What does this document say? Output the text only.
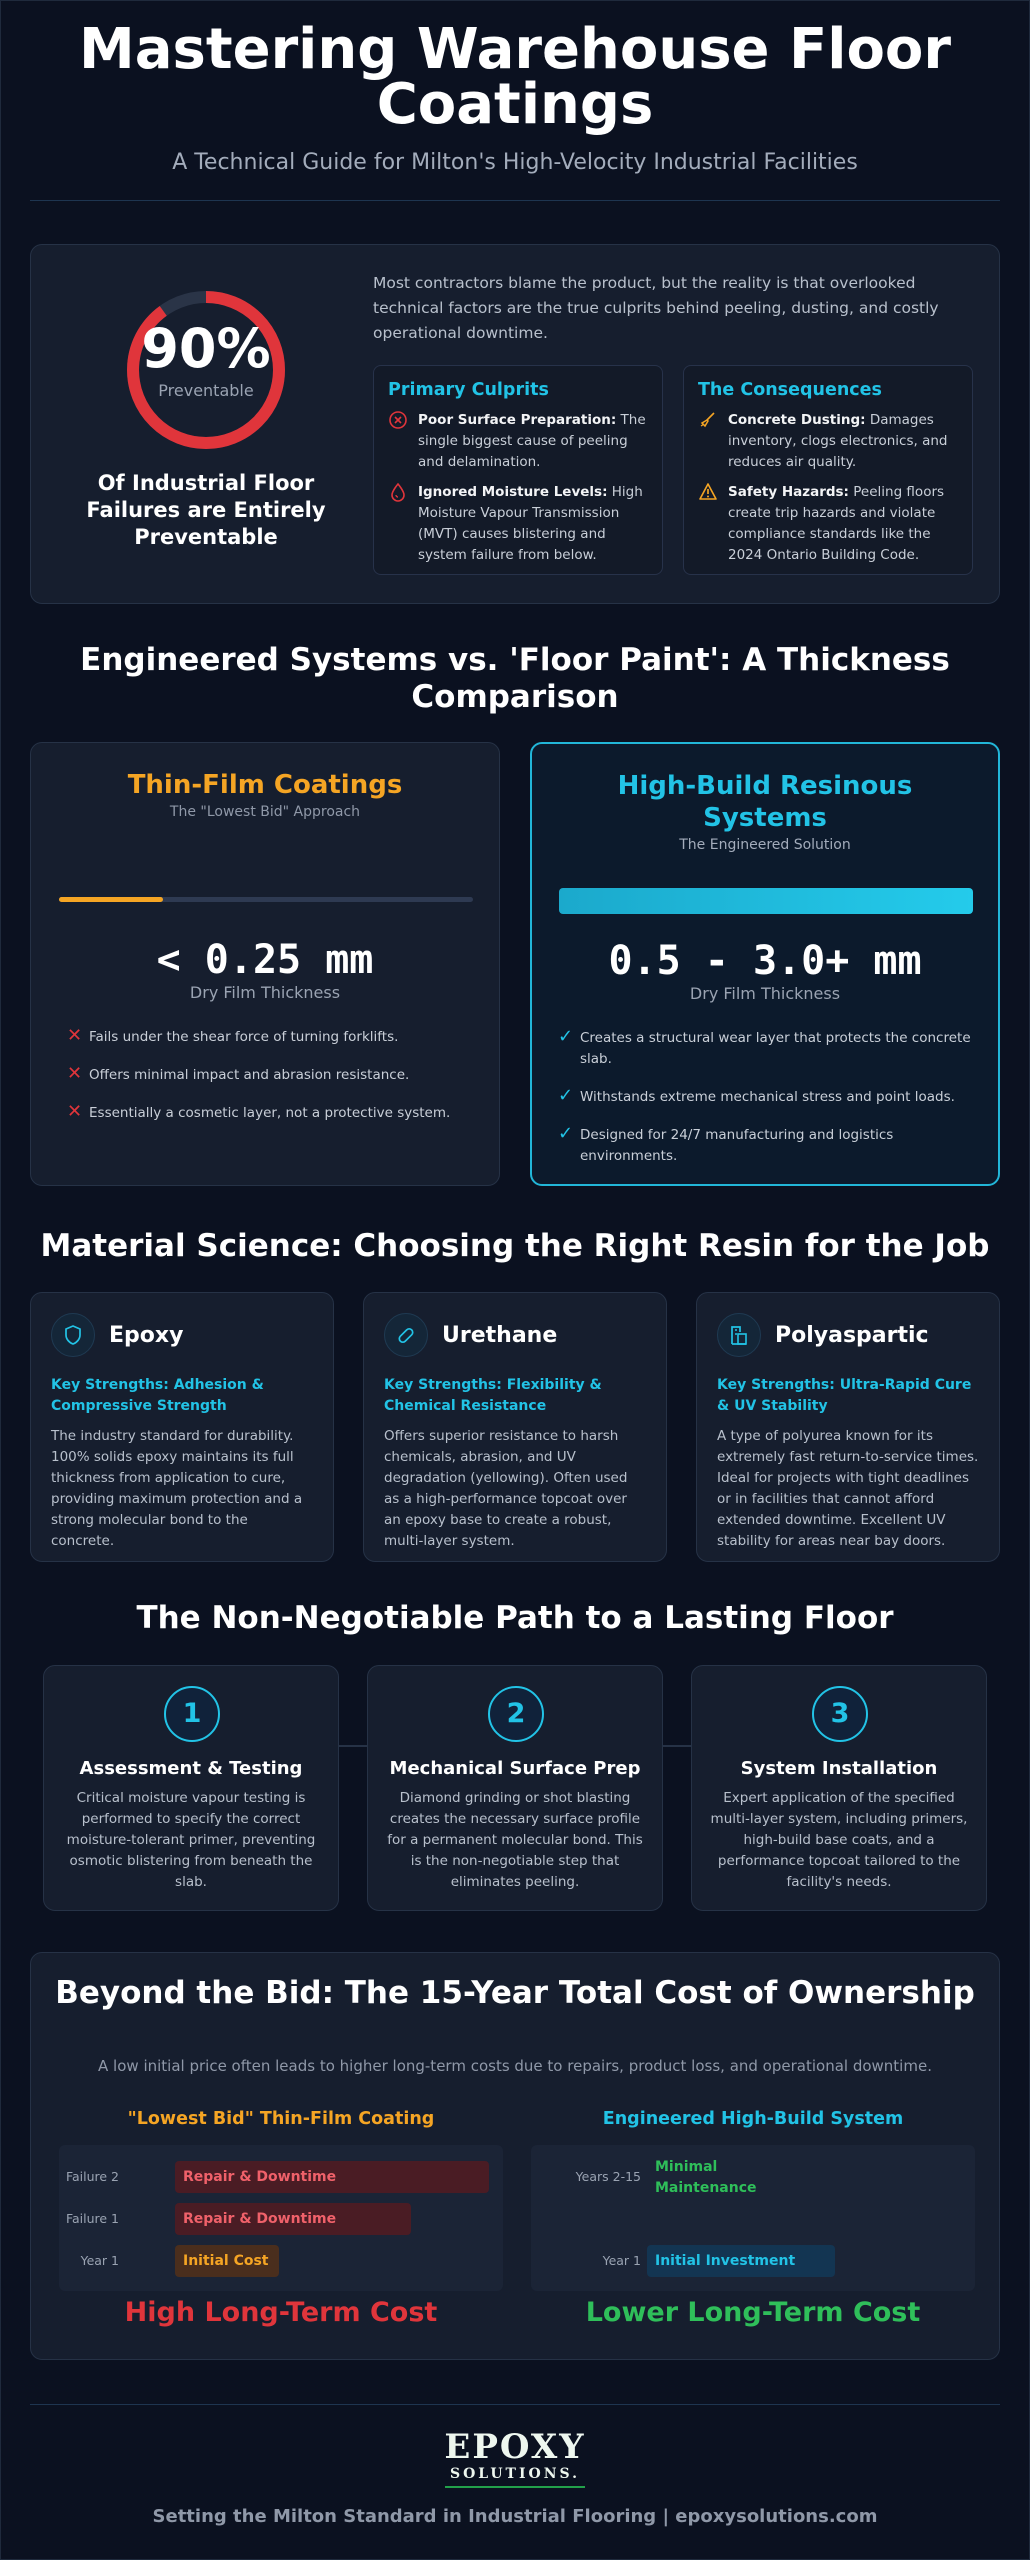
Mastering Warehouse Floor Coatings
A Technical Guide for Milton's High-Velocity Industrial Facilities
90%
Preventable
Of Industrial Floor Failures are Entirely Preventable
Most contractors blame the product, but the reality is that overlooked technical factors are the true culprits behind peeling, dusting, and costly operational downtime.
Primary Culprits
Poor Surface Preparation: The single biggest cause of peeling and delamination.
Ignored Moisture Levels: High Moisture Vapour Transmission (MVT) causes blistering and system failure from below.
The Consequences
Concrete Dusting: Damages inventory, clogs electronics, and reduces air quality.
Safety Hazards: Peeling floors create trip hazards and violate compliance standards like the 2024 Ontario Building Code.
Engineered Systems vs. 'Floor Paint': A Thickness Comparison
Thin-Film Coatings
The "Lowest Bid" Approach
< 0.25 mm
Dry Film Thickness
✕ Fails under the shear force of turning forklifts.
✕ Offers minimal impact and abrasion resistance.
✕ Essentially a cosmetic layer, not a protective system.
High-Build Resinous Systems
The Engineered Solution
0.5 - 3.0+ mm
Dry Film Thickness
✓ Creates a structural wear layer that protects the concrete slab.
✓ Withstands extreme mechanical stress and point loads.
✓ Designed for 24/7 manufacturing and logistics environments.
Material Science: Choosing the Right Resin for the Job
Epoxy
Key Strengths: Adhesion & Compressive Strength
The industry standard for durability. 100% solids epoxy maintains its full thickness from application to cure, providing maximum protection and a strong molecular bond to the concrete.
Urethane
Key Strengths: Flexibility & Chemical Resistance
Offers superior resistance to harsh chemicals, abrasion, and UV degradation (yellowing). Often used as a high-performance topcoat over an epoxy base to create a robust, multi-layer system.
Polyaspartic
Key Strengths: Ultra-Rapid Cure & UV Stability
A type of polyurea known for its extremely fast return-to-service times. Ideal for projects with tight deadlines or in facilities that cannot afford extended downtime. Excellent UV stability for areas near bay doors.
The Non-Negotiable Path to a Lasting Floor
1
Assessment & Testing
Critical moisture vapour testing is performed to specify the correct moisture-tolerant primer, preventing osmotic blistering from beneath the slab.
2
Mechanical Surface Prep
Diamond grinding or shot blasting creates the necessary surface profile for a permanent molecular bond. This is the non-negotiable step that eliminates peeling.
3
System Installation
Expert application of the specified multi-layer system, including primers, high-build base coats, and a performance topcoat tailored to the facility's needs.
Beyond the Bid: The 15-Year Total Cost of Ownership
A low initial price often leads to higher long-term costs due to repairs, product loss, and operational downtime.
"Lowest Bid" Thin-Film Coating
Failure 2	Repair & Downtime
Failure 1	Repair & Downtime
Year 1	Initial Cost
High Long-Term Cost
Engineered High-Build System
Years 2-15
Minimal Maintenance
Year 1	Initial Investment
Lower Long-Term Cost
EPOXY
SOLUTIONS.
Setting the Milton Standard in Industrial Flooring | epoxysolutions.com
